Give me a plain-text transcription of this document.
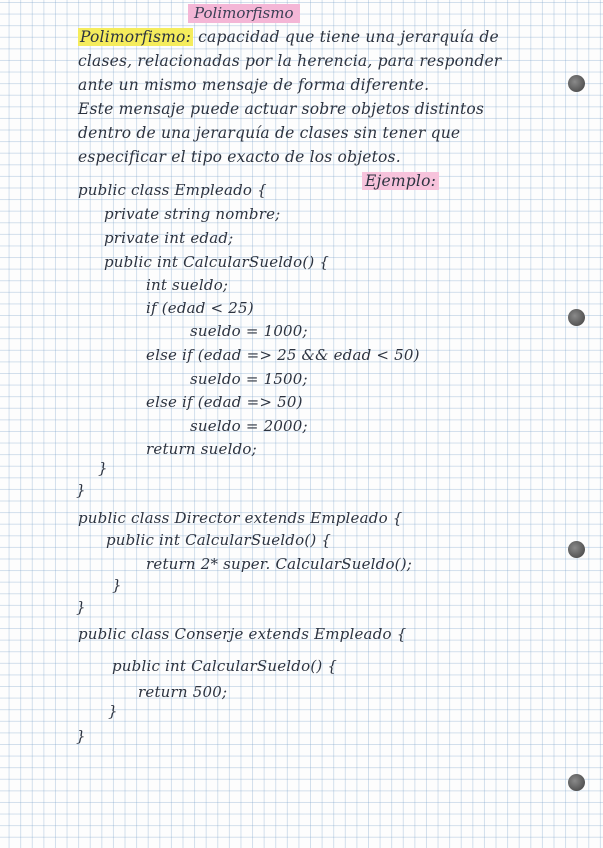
Polimorfismo
Polimorfismo: capacidad que tiene una jerarquía de
clases, relacionadas por la herencia, para responder
ante un mismo mensaje de forma diferente.
Este mensaje puede actuar sobre objetos distintos
dentro de una jerarquía de clases sin tener que
especificar el tipo exacto de los objetos.
Ejemplo:
public class Empleado {
private string nombre;
private int edad;
public int CalcularSueldo() {
int sueldo;
if (edad < 25)
sueldo = 1000;
else if (edad => 25 && edad < 50)
sueldo = 1500;
else if (edad => 50)
sueldo = 2000;
return sueldo;
}
}
public class Director extends Empleado {
public int CalcularSueldo() {
return 2* super. CalcularSueldo();
}
}
public class Conserje extends Empleado {
public int CalcularSueldo() {
return 500;
}
}
